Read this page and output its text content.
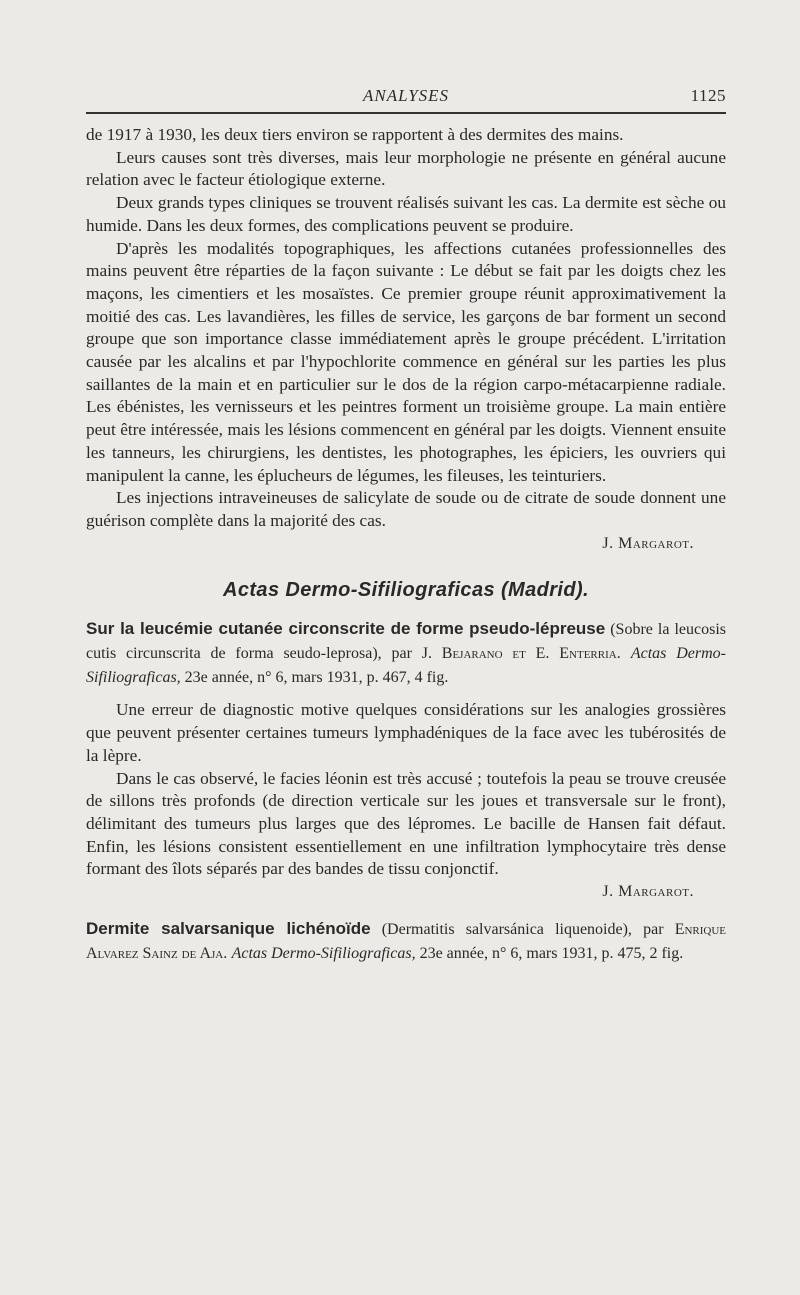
ANALYSES	1125

de 1917 à 1930, les deux tiers environ se rapportent à des dermites des mains.

Leurs causes sont très diverses, mais leur morphologie ne présente en général aucune relation avec le facteur étiologique externe.

Deux grands types cliniques se trouvent réalisés suivant les cas. La dermite est sèche ou humide. Dans les deux formes, des complications peuvent se produire.

D'après les modalités topographiques, les affections cutanées professionnelles des mains peuvent être réparties de la façon suivante : Le début se fait par les doigts chez les maçons, les cimentiers et les mosaïstes. Ce premier groupe réunit approximativement la moitié des cas. Les lavandières, les filles de service, les garçons de bar forment un second groupe que son importance classe immédiatement après le groupe précédent. L'irritation causée par les alcalins et par l'hypochlorite commence en général sur les parties les plus saillantes de la main et en particulier sur le dos de la région carpo-métacarpienne radiale. Les ébénistes, les vernisseurs et les peintres forment un troisième groupe. La main entière peut être intéressée, mais les lésions commencent en général par les doigts. Viennent ensuite les tanneurs, les chirurgiens, les dentistes, les photographes, les épiciers, les ouvriers qui manipulent la canne, les éplucheurs de légumes, les fileuses, les teinturiers.

Les injections intraveineuses de salicylate de soude ou de citrate de soude donnent une guérison complète dans la majorité des cas.

J. Margarot.
Actas Dermo-Sifiliograficas (Madrid).

Sur la leucémie cutanée circonscrite de forme pseudo-lépreuse (Sobre la leucosis cutis circunscrita de forma seudo-leprosa), par J. Bejarano et E. Enterria. Actas Dermo-Sifiliograficas, 23e année, n° 6, mars 1931, p. 467, 4 fig.

Une erreur de diagnostic motive quelques considérations sur les analogies grossières que peuvent présenter certaines tumeurs lymphadéniques de la face avec les tubérosités de la lèpre.

Dans le cas observé, le facies léonin est très accusé ; toutefois la peau se trouve creusée de sillons très profonds (de direction verticale sur les joues et transversale sur le front), délimitant des tumeurs plus larges que des lépromes. Le bacille de Hansen fait défaut. Enfin, les lésions consistent essentiellement en une infiltration lymphocytaire très dense formant des îlots séparés par des bandes de tissu conjonctif.

J. Margarot.

Dermite salvarsanique lichénoïde (Dermatitis salvarsánica liquenoide), par Enrique Alvarez Sainz de Aja. Actas Dermo-Sifiliograficas, 23e année, n° 6, mars 1931, p. 475, 2 fig.
